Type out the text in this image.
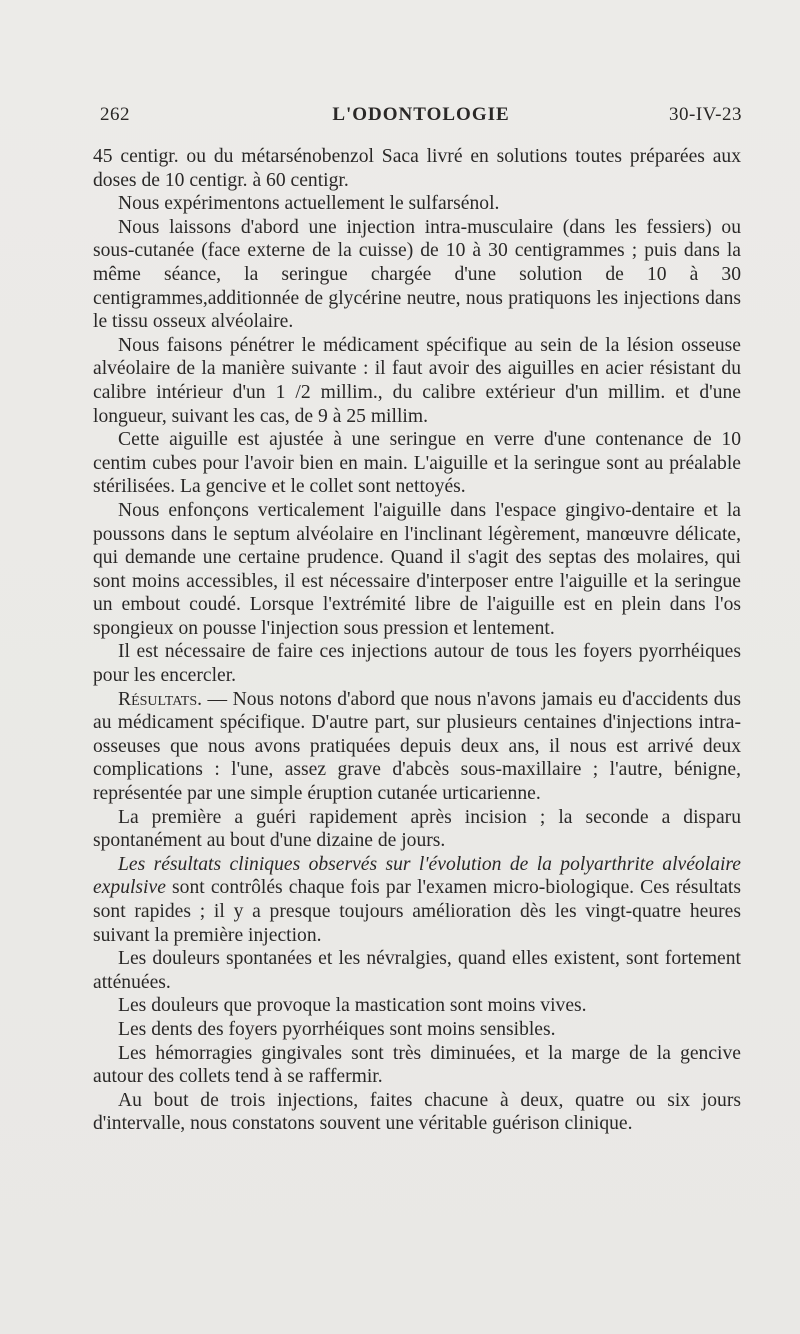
262	L'ODONTOLOGIE	30-IV-23

45 centigr. ou du métarsénobenzol Saca livré en solutions toutes préparées aux doses de 10 centigr. à 60 centigr.

Nous expérimentons actuellement le sulfarsénol.

Nous laissons d'abord une injection intra-musculaire (dans les fessiers) ou sous-cutanée (face externe de la cuisse) de 10 à 30 centigrammes ; puis dans la même séance, la seringue chargée d'une solution de 10 à 30 centigrammes,additionnée de glycérine neutre, nous pratiquons les injections dans le tissu osseux alvéolaire.

Nous faisons pénétrer le médicament spécifique au sein de la lésion osseuse alvéolaire de la manière suivante : il faut avoir des aiguilles en acier résistant du calibre intérieur d'un 1 /2 millim., du calibre extérieur d'un millim. et d'une longueur, suivant les cas, de 9 à 25 millim.

Cette aiguille est ajustée à une seringue en verre d'une contenance de 10 centim cubes pour l'avoir bien en main. L'aiguille et la seringue sont au préalable stérilisées. La gencive et le collet sont nettoyés.

Nous enfonçons verticalement l'aiguille dans l'espace gingivo-dentaire et la poussons dans le septum alvéolaire en l'inclinant légèrement, manœuvre délicate, qui demande une certaine prudence. Quand il s'agit des septas des molaires, qui sont moins accessibles, il est nécessaire d'interposer entre l'aiguille et la seringue un embout coudé. Lorsque l'extrémité libre de l'aiguille est en plein dans l'os spongieux on pousse l'injection sous pression et lentement.

Il est nécessaire de faire ces injections autour de tous les foyers pyorrhéiques pour les encercler.

Résultats. — Nous notons d'abord que nous n'avons jamais eu d'accidents dus au médicament spécifique. D'autre part, sur plusieurs centaines d'injections intra-osseuses que nous avons pratiquées depuis deux ans, il nous est arrivé deux complications : l'une, assez grave d'abcès sous-maxillaire ; l'autre, bénigne, représentée par une simple éruption cutanée urticarienne.

La première a guéri rapidement après incision ; la seconde a disparu spontanément au bout d'une dizaine de jours.

Les résultats cliniques observés sur l'évolution de la polyarthrite alvéolaire expulsive sont contrôlés chaque fois par l'examen micro-biologique. Ces résultats sont rapides ; il y a presque toujours amélioration dès les vingt-quatre heures suivant la première injection.

Les douleurs spontanées et les névralgies, quand elles existent, sont fortement atténuées.

Les douleurs que provoque la mastication sont moins vives.

Les dents des foyers pyorrhéiques sont moins sensibles.

Les hémorragies gingivales sont très diminuées, et la marge de la gencive autour des collets tend à se raffermir.

Au bout de trois injections, faites chacune à deux, quatre ou six jours d'intervalle, nous constatons souvent une véritable guérison clinique.
